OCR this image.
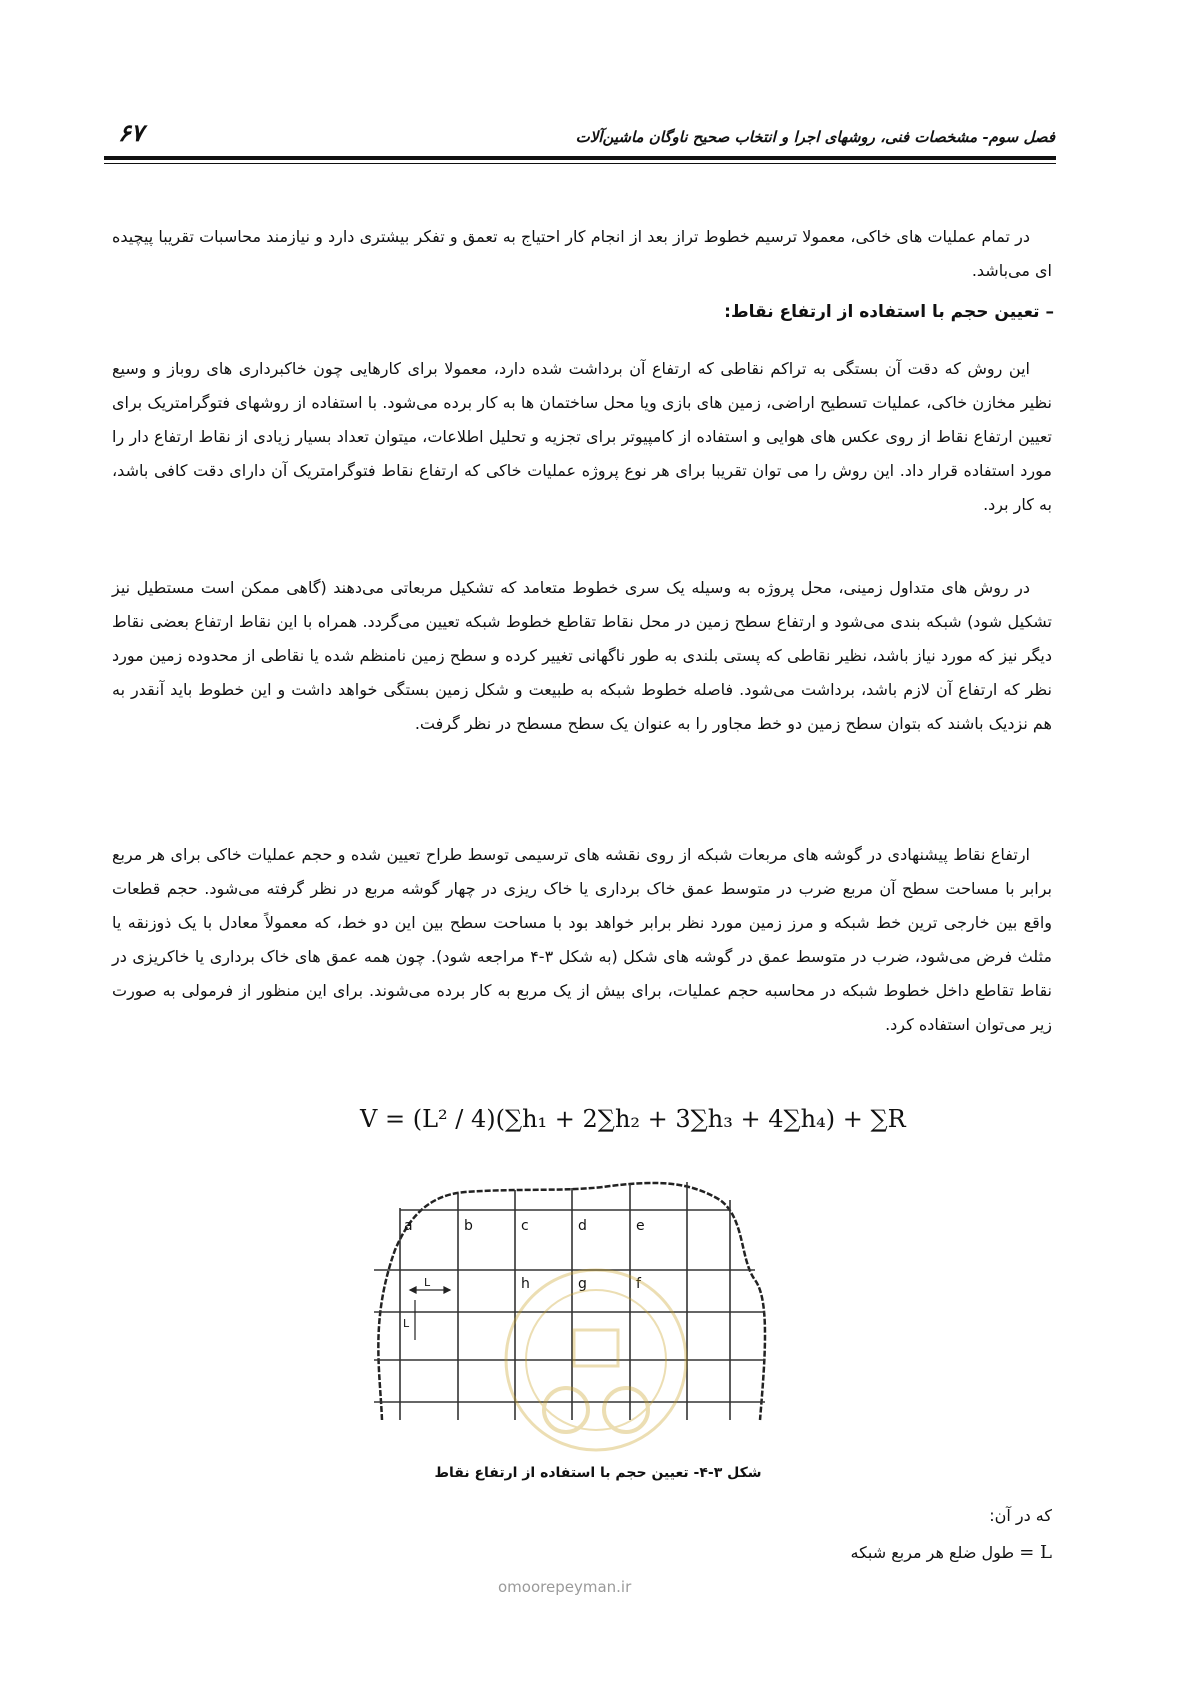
۶۷	فصل سوم- مشخصات فنی، روشهای اجرا و انتخاب صحیح ناوگان ماشین‌آلات

در تمام عملیات های خاکی، معمولا ترسیم خطوط تراز بعد از انجام کار احتیاج به تعمق و تفکر بیشتری دارد و نیازمند محاسبات تقریبا پیچیده ای می‌باشد.

– تعیین حجم با استفاده از ارتفاع نقاط:

این روش که دقت آن بستگی به تراکم نقاطی که ارتفاع آن برداشت شده دارد، معمولا برای کارهایی چون خاکبرداری های روباز و وسیع نظیر مخازن خاکی، عملیات تسطیح اراضی، زمین های بازی ویا محل ساختمان ها به کار برده می‌شود. با استفاده از روشهای فتوگرامتریک برای تعیین ارتفاع نقاط از روی عکس های هوایی و استفاده از کامپیوتر برای تجزیه و تحلیل اطلاعات، میتوان تعداد بسیار زیادی از نقاط ارتفاع دار را مورد استفاده قرار داد. این روش را می توان تقریبا برای هر نوع پروژه عملیات خاکی که ارتفاع نقاط فتوگرامتریک آن دارای دقت کافی باشد، به کار برد.

در روش های متداول زمینی، محل پروژه به وسیله یک سری خطوط متعامد که تشکیل مربعاتی می‌دهند (گاهی ممکن است مستطیل نیز تشکیل شود) شبکه بندی می‌شود و ارتفاع سطح زمین در محل نقاط تقاطع خطوط شبکه تعیین می‌گردد. همراه با این نقاط ارتفاع بعضی نقاط دیگر نیز که مورد نیاز باشد، نظیر نقاطی که پستی بلندی به طور ناگهانی تغییر کرده و سطح زمین نامنظم شده یا نقاطی از محدوده زمین مورد نظر که ارتفاع آن لازم باشد، برداشت می‌شود. فاصله خطوط شبکه به طبیعت و شکل زمین بستگی خواهد داشت و این خطوط باید آنقدر به هم نزدیک باشند که بتوان سطح زمین دو خط مجاور را به عنوان یک سطح مسطح در نظر گرفت.

ارتفاع نقاط پیشنهادی در گوشه های مربعات شبکه از روی نقشه های ترسیمی توسط طراح تعیین شده و حجم عملیات خاکی برای هر مربع برابر با مساحت سطح آن مربع ضرب در متوسط عمق خاک برداری یا خاک ریزی در چهار گوشه مربع در نظر گرفته می‌شود. حجم قطعات واقع بین خارجی ترین خط شبکه و مرز زمین مورد نظر برابر خواهد بود با مساحت سطح بین این دو خط، که معمولاً معادل با یک ذوزنقه یا مثلث فرض می‌شود، ضرب در متوسط عمق در گوشه های شکل (به شکل ۳-۴ مراجعه شود). چون همه عمق های خاک برداری یا خاکریزی در نقاط تقاطع داخل خطوط شبکه در محاسبه حجم عملیات، برای بیش از یک مربع به کار برده می‌شوند. برای این منظور از فرمولی به صورت زیر می‌توان استفاده کرد.

V = (L² / 4)(∑h₁ + 2∑h₂ + 3∑h₃ + 4∑h₄) + ∑R
a	b	c	d	e
h	g	f
L
L
شکل ۳-۴- تعیین حجم با استفاده از ارتفاع نقاط
که در آن:
L = طول ضلع هر مربع شبکه
omoorepeyman.ir
